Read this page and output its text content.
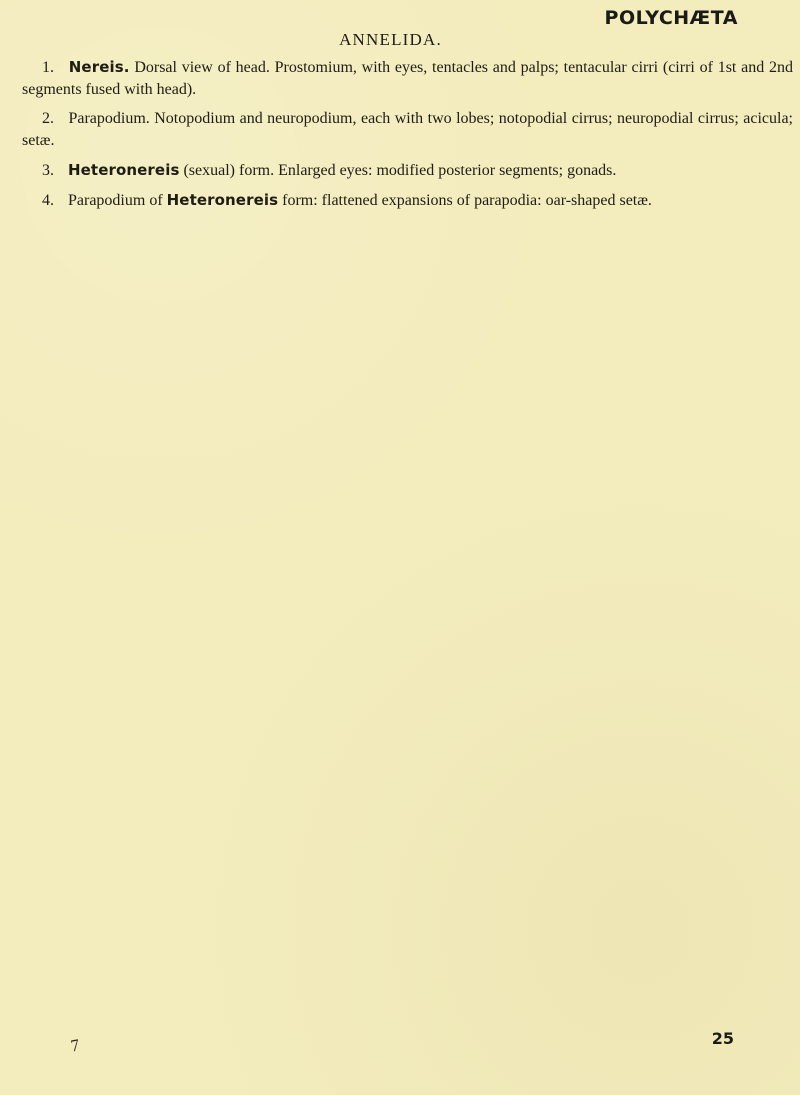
POLYCHÆTA
ANNELIDA.

1. Nereis. Dorsal view of head. Prostomium, with eyes, tentacles and palps; tentacular cirri (cirri of 1st and 2nd segments fused with head).

2. Parapodium. Notopodium and neuropodium, each with two lobes; notopodial cirrus; neuropodial cirrus; acicula; setæ.

3. Heteronereis (sexual) form. Enlarged eyes: modified posterior segments; gonads.

4. Parapodium of Heteronereis form: flattened expansions of parapodia: oar-shaped setæ.

7	25
